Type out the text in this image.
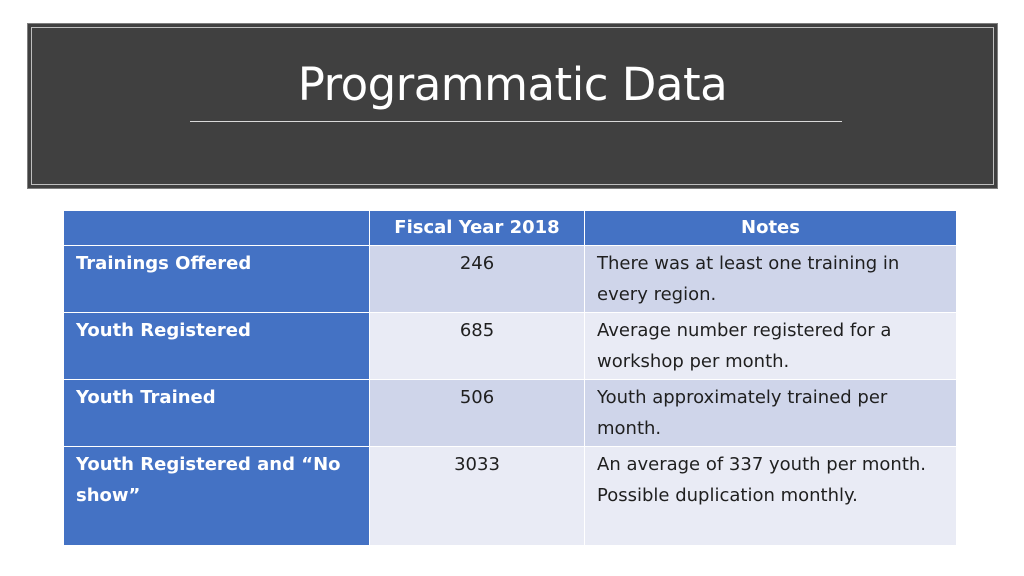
Programmatic Data
	Fiscal Year 2018	Notes
Trainings Offered	246	There was at least one training in every region.
Youth Registered	685	Average number registered for a workshop per month.
Youth Trained	506	Youth approximately trained per month.
Youth Registered and “No show”	3033	An average of 337 youth per month. Possible duplication monthly.
